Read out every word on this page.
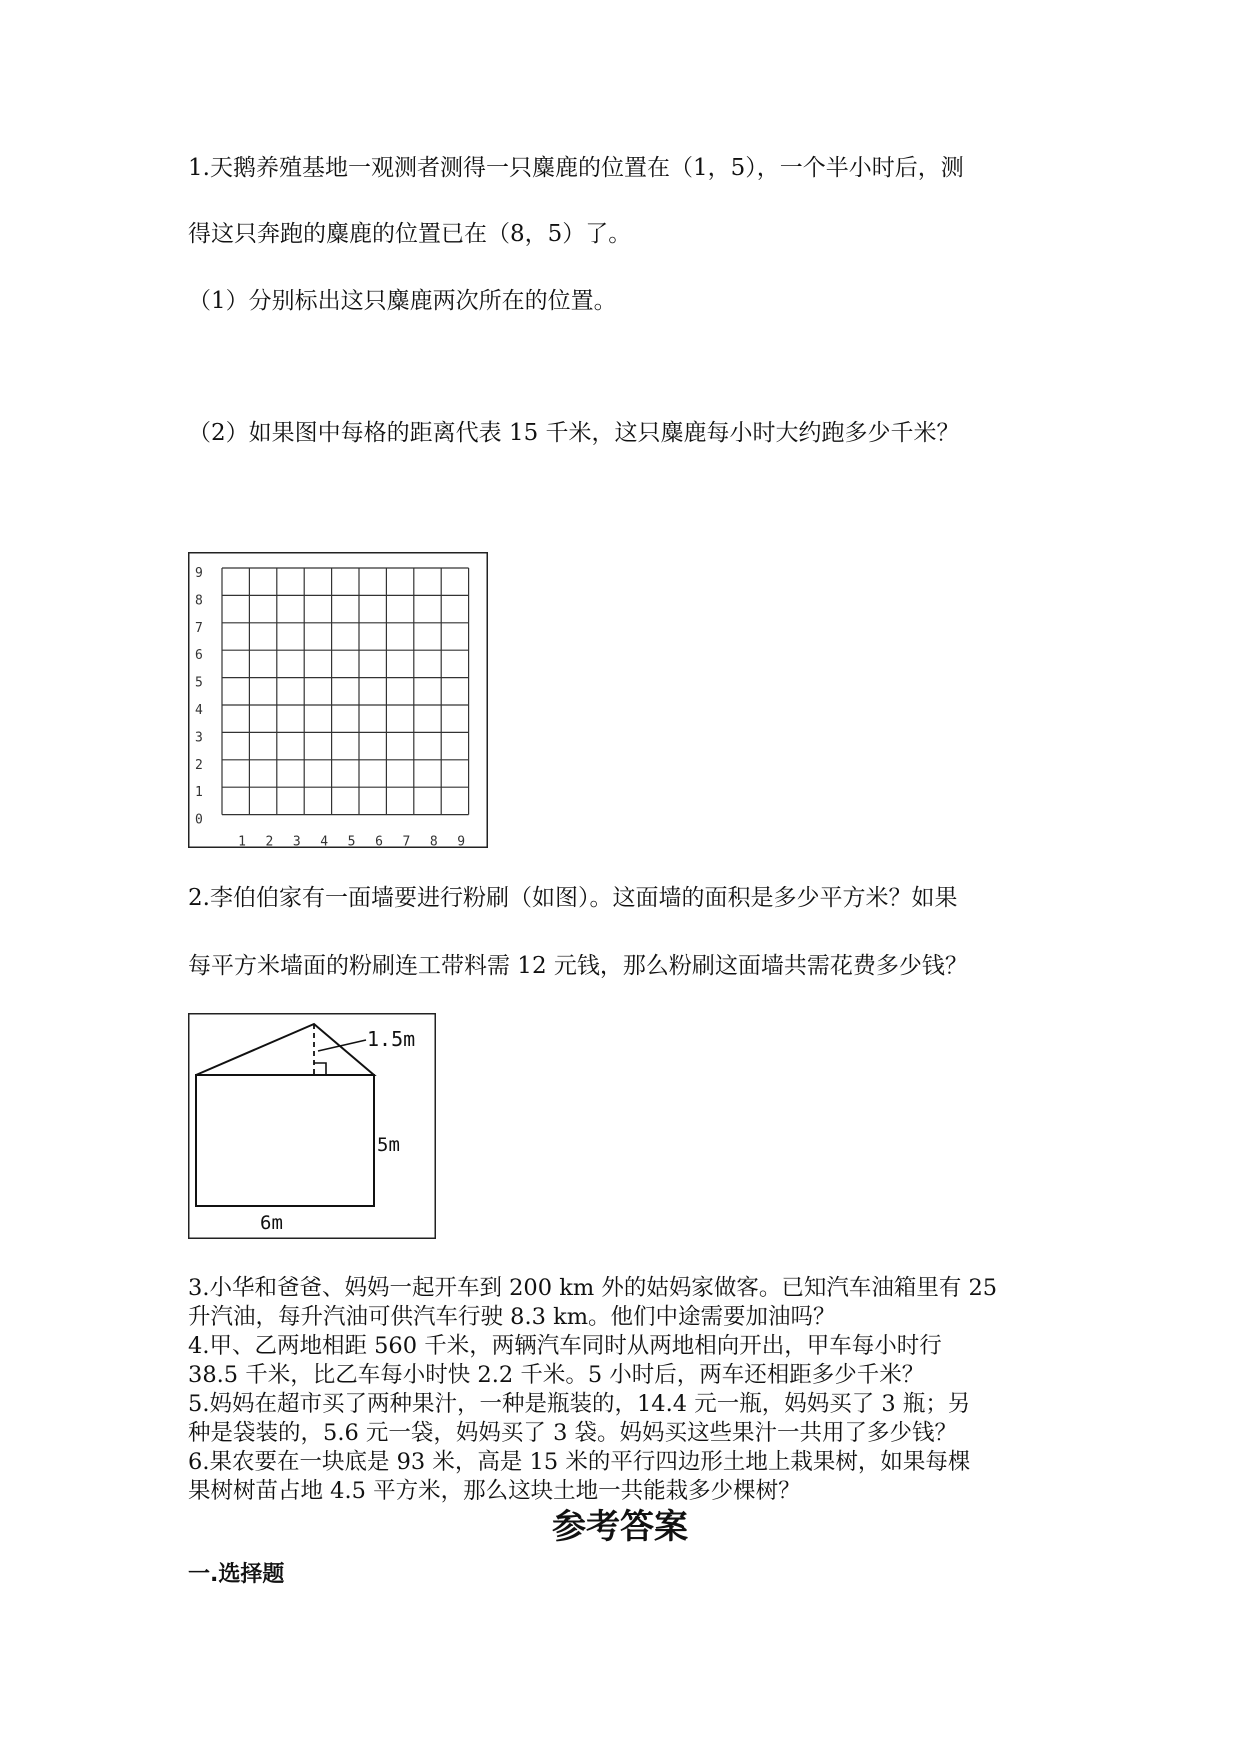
1.天鹅养殖基地一观测者测得一只麋鹿的位置在（1，5），一个半小时后，测
得这只奔跑的麋鹿的位置已在（8，5）了。
（1）分别标出这只麋鹿两次所在的位置。
（2）如果图中每格的距离代表 15 千米，这只麋鹿每小时大约跑多少千米？
0
1
2
3
4
5
6
7
8
9
1 2 3 4 5 6 7 8 9
2.李伯伯家有一面墙要进行粉刷（如图）。这面墙的面积是多少平方米？如果
每平方米墙面的粉刷连工带料需 12 元钱，那么粉刷这面墙共需花费多少钱？
1.5m
5m
6m
3.小华和爸爸、妈妈一起开车到 200 km 外的姑妈家做客。已知汽车油箱里有 25
升汽油，每升汽油可供汽车行驶 8.3 km。他们中途需要加油吗？
4.甲、乙两地相距 560 千米，两辆汽车同时从两地相向开出，甲车每小时行
38.5 千米，比乙车每小时快 2.2 千米。5 小时后，两车还相距多少千米？
5.妈妈在超市买了两种果汁，一种是瓶装的，14.4 元一瓶，妈妈买了 3 瓶；另
种是袋装的，5.6 元一袋，妈妈买了 3 袋。妈妈买这些果汁一共用了多少钱？
6.果农要在一块底是 93 米，高是 15 米的平行四边形土地上栽果树，如果每棵
果树树苗占地 4.5 平方米，那么这块土地一共能栽多少棵树？
参考答案
一.选择题
